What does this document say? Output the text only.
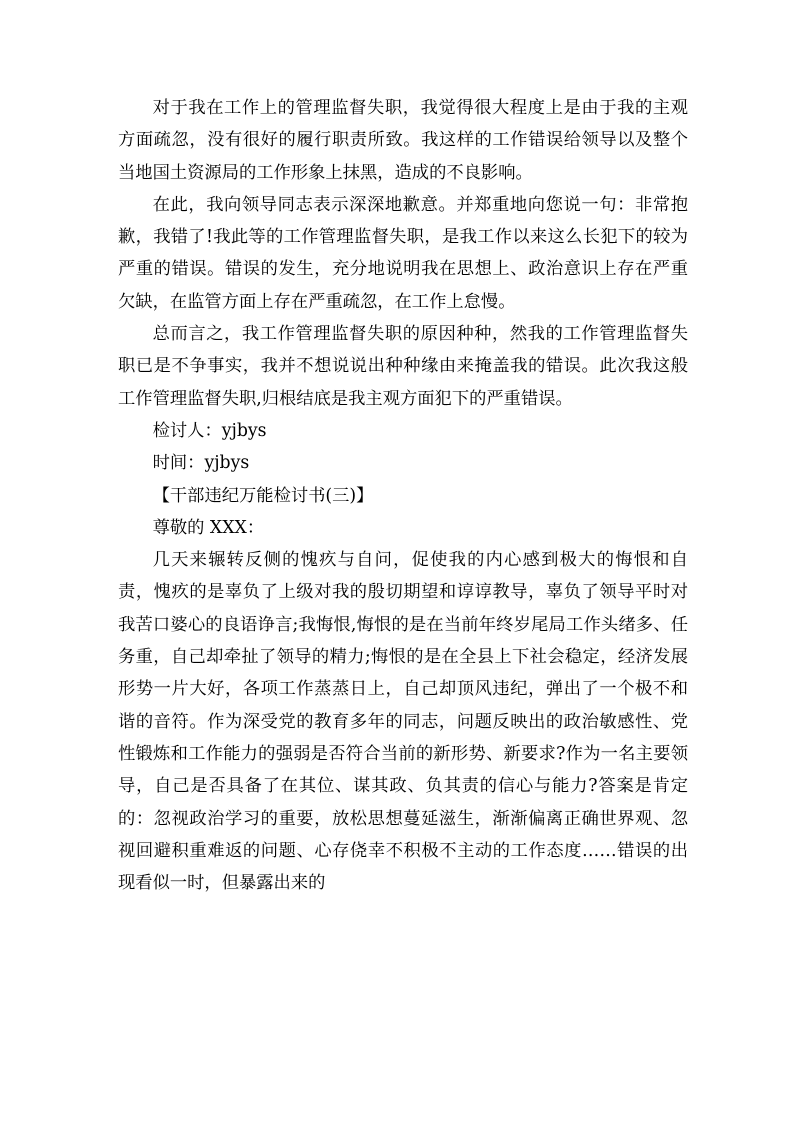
对于我在工作上的管理监督失职，我觉得很大程度上是由于我的主观方面疏忽，没有很好的履行职责所致。我这样的工作错误给领导以及整个当地国土资源局的工作形象上抹黑，造成的不良影响。

在此，我向领导同志表示深深地歉意。并郑重地向您说一句：非常抱歉，我错了!我此等的工作管理监督失职，是我工作以来这么长犯下的较为严重的错误。错误的发生，充分地说明我在思想上、政治意识上存在严重欠缺，在监管方面上存在严重疏忽，在工作上怠慢。

总而言之，我工作管理监督失职的原因种种，然我的工作管理监督失职已是不争事实，我并不想说说出种种缘由来掩盖我的错误。此次我这般工作管理监督失职,归根结底是我主观方面犯下的严重错误。

检讨人：yjbys

时间：yjbys

【干部违纪万能检讨书(三)】

尊敬的 XXX：

几天来辗转反侧的愧疚与自问，促使我的内心感到极大的悔恨和自责，愧疚的是辜负了上级对我的殷切期望和谆谆教导，辜负了领导平时对我苦口婆心的良语诤言;我悔恨,悔恨的是在当前年终岁尾局工作头绪多、任务重，自己却牵扯了领导的精力;悔恨的是在全县上下社会稳定，经济发展形势一片大好，各项工作蒸蒸日上，自己却顶风违纪，弹出了一个极不和谐的音符。作为深受党的教育多年的同志，问题反映出的政治敏感性、党性锻炼和工作能力的强弱是否符合当前的新形势、新要求?作为一名主要领导，自己是否具备了在其位、谋其政、负其责的信心与能力?答案是肯定的：忽视政治学习的重要，放松思想蔓延滋生，渐渐偏离正确世界观、忽视回避积重难返的问题、心存侥幸不积极不主动的工作态度……错误的出现看似一时，但暴露出来的
